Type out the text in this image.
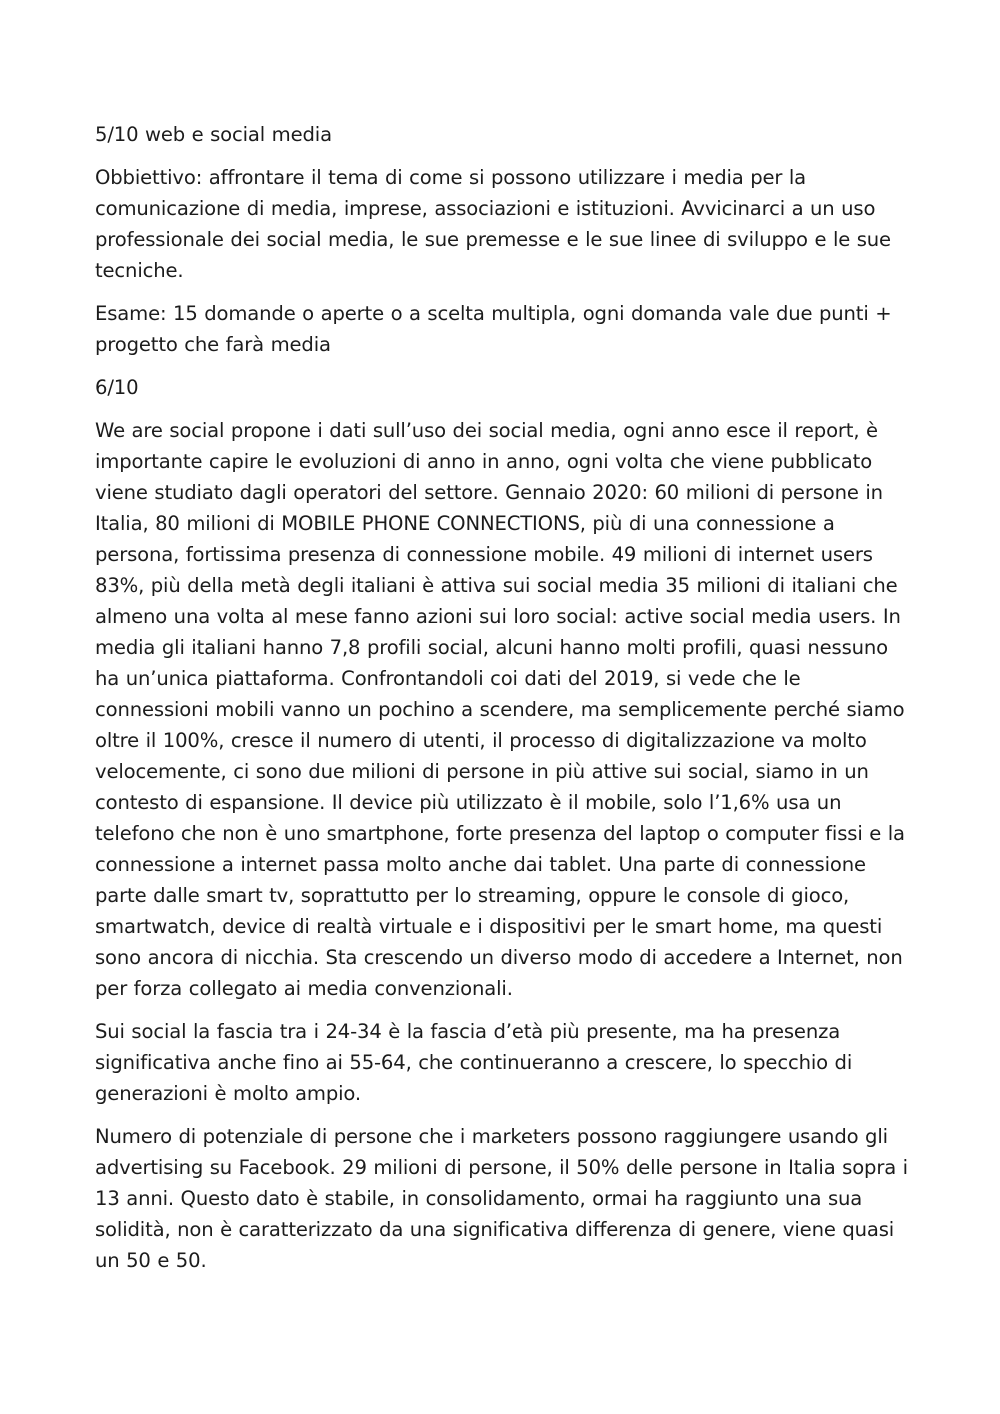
5/10 web e social media

Obbiettivo: affrontare il tema di come si possono utilizzare i media per la comunicazione di media, imprese, associazioni e istituzioni. Avvicinarci a un uso professionale dei social media, le sue premesse e le sue linee di sviluppo e le sue tecniche.

Esame: 15 domande o aperte o a scelta multipla, ogni domanda vale due punti + progetto che farà media

6/10

We are social propone i dati sull’uso dei social media, ogni anno esce il report, è importante capire le evoluzioni di anno in anno, ogni volta che viene pubblicato viene studiato dagli operatori del settore. Gennaio 2020: 60 milioni di persone in Italia, 80 milioni di MOBILE PHONE CONNECTIONS, più di una connessione a persona, fortissima presenza di connessione mobile. 49 milioni di internet users 83%, più della metà degli italiani è attiva sui social media 35 milioni di italiani che almeno una volta al mese fanno azioni sui loro social: active social media users. In media gli italiani hanno 7,8 profili social, alcuni hanno molti profili, quasi nessuno ha un’unica piattaforma. Confrontandoli coi dati del 2019, si vede che le connessioni mobili vanno un pochino a scendere, ma semplicemente perché siamo oltre il 100%, cresce il numero di utenti, il processo di digitalizzazione va molto velocemente, ci sono due milioni di persone in più attive sui social, siamo in un contesto di espansione. Il device più utilizzato è il mobile, solo l’1,6% usa un telefono che non è uno smartphone, forte presenza del laptop o computer fissi e la connessione a internet passa molto anche dai tablet. Una parte di connessione parte dalle smart tv, soprattutto per lo streaming, oppure le console di gioco, smartwatch, device di realtà virtuale e i dispositivi per le smart home, ma questi sono ancora di nicchia. Sta crescendo un diverso modo di accedere a Internet, non per forza collegato ai media convenzionali.

Sui social la fascia tra i 24-34 è la fascia d’età più presente, ma ha presenza significativa anche fino ai 55-64, che continueranno a crescere, lo specchio di generazioni è molto ampio.

Numero di potenziale di persone che i marketers possono raggiungere usando gli advertising su Facebook. 29 milioni di persone, il 50% delle persone in Italia sopra i 13 anni. Questo dato è stabile, in consolidamento, ormai ha raggiunto una sua solidità, non è caratterizzato da una significativa differenza di genere, viene quasi un 50 e 50.
